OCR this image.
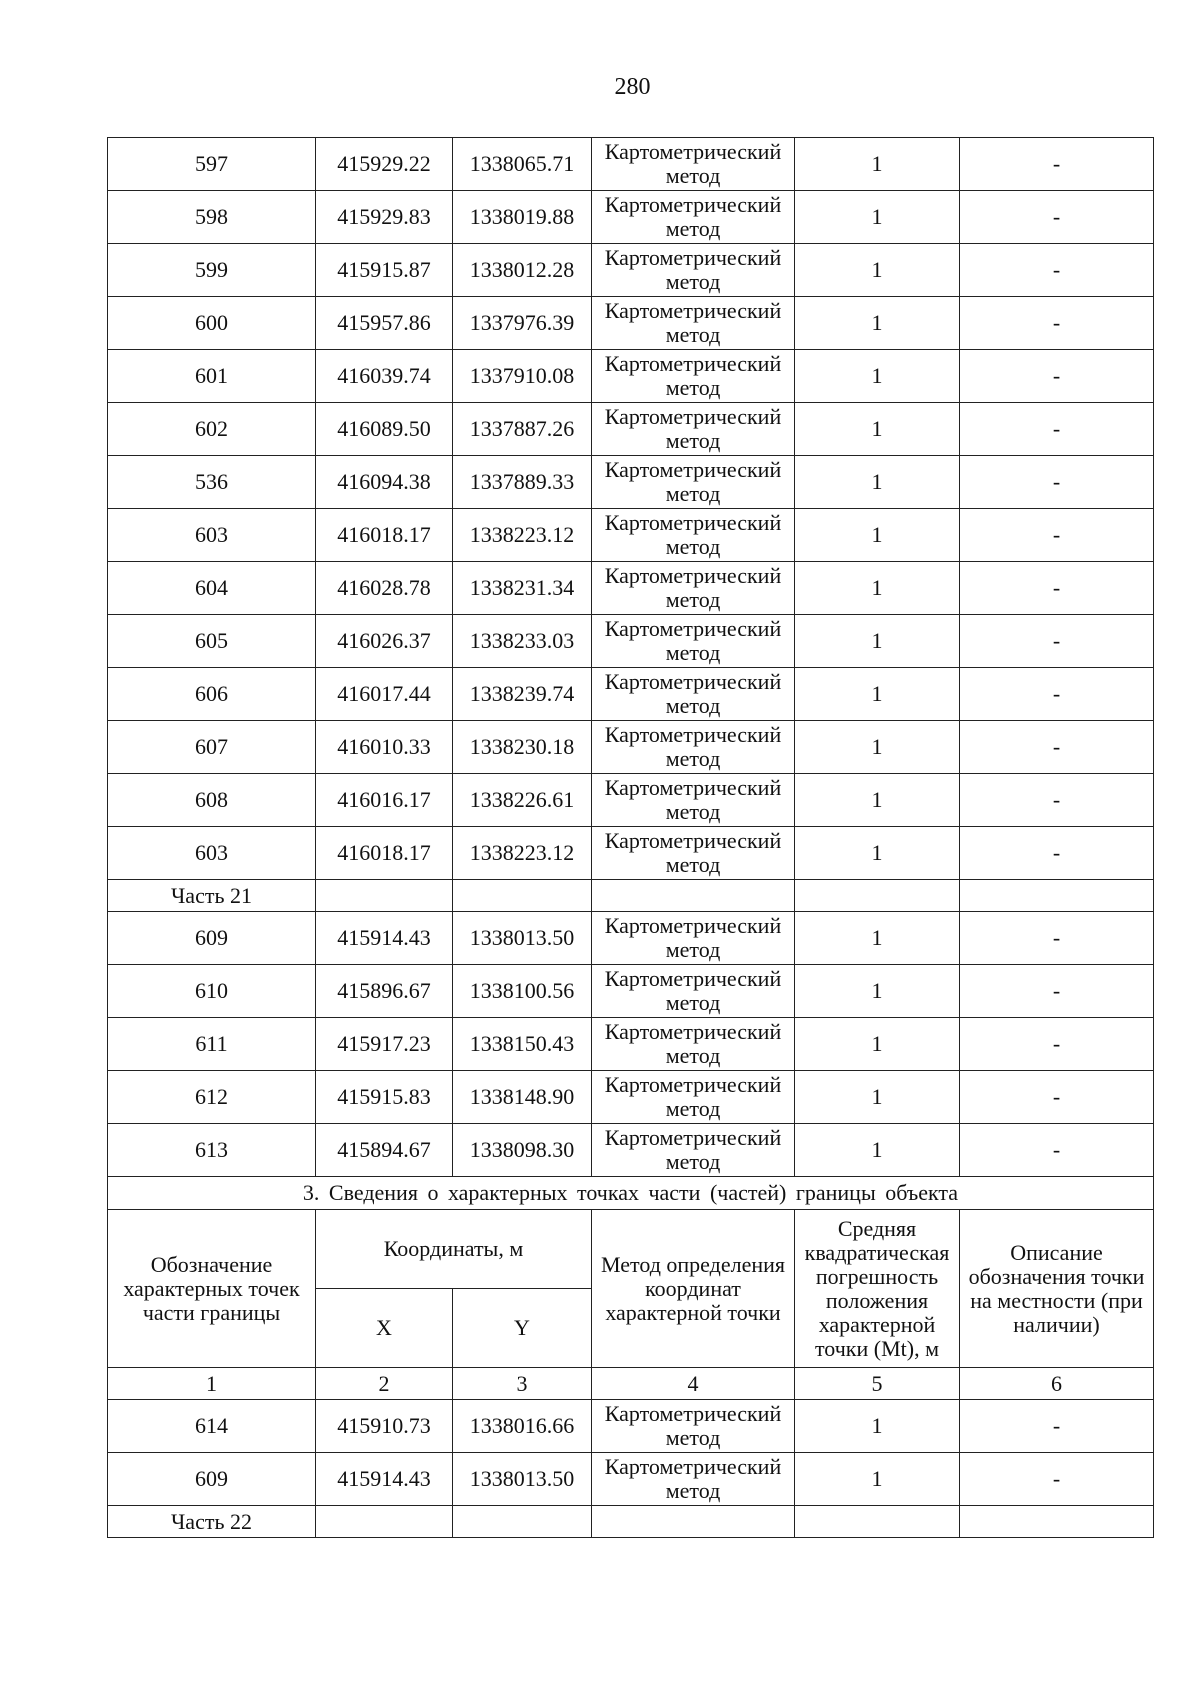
280
597	415929.22	1338065.71	Картометрический метод	1	-
598	415929.83	1338019.88	Картометрический метод	1	-
599	415915.87	1338012.28	Картометрический метод	1	-
600	415957.86	1337976.39	Картометрический метод	1	-
601	416039.74	1337910.08	Картометрический метод	1	-
602	416089.50	1337887.26	Картометрический метод	1	-
536	416094.38	1337889.33	Картометрический метод	1	-
603	416018.17	1338223.12	Картометрический метод	1	-
604	416028.78	1338231.34	Картометрический метод	1	-
605	416026.37	1338233.03	Картометрический метод	1	-
606	416017.44	1338239.74	Картометрический метод	1	-
607	416010.33	1338230.18	Картометрический метод	1	-
608	416016.17	1338226.61	Картометрический метод	1	-
603	416018.17	1338223.12	Картометрический метод	1	-
Часть 21					
609	415914.43	1338013.50	Картометрический метод	1	-
610	415896.67	1338100.56	Картометрический метод	1	-
611	415917.23	1338150.43	Картометрический метод	1	-
612	415915.83	1338148.90	Картометрический метод	1	-
613	415894.67	1338098.30	Картометрический метод	1	-
3. Сведения о характерных точках части (частей) границы объекта					
Обозначение характерных точек части границы	Координаты, м		Метод определения координат характерной точки	Средняя квадратическая погрешность положения характерной точки (Mt), м	Описание обозначения точки на местности (при наличии)
	X	Y			
1	2	3	4	5	6
614	415910.73	1338016.66	Картометрический метод	1	-
609	415914.43	1338013.50	Картометрический метод	1	-
Часть 22					
